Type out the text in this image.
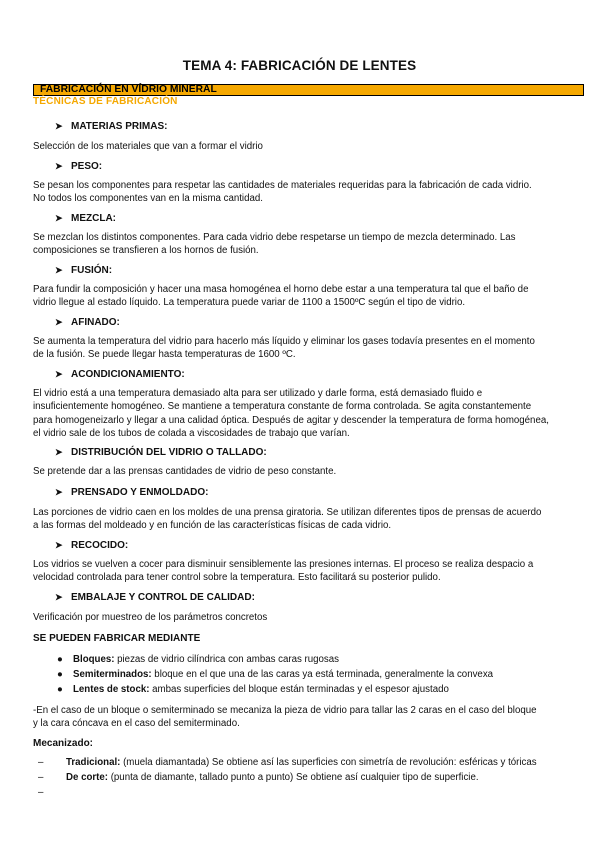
TEMA 4: FABRICACIÓN DE LENTES
FABRICACIÓN EN VÍDRIO MINERAL
TÉCNICAS DE FABRICACIÓN
➤ MATERIAS PRIMAS:
Selección de los materiales que van a formar el vidrio
➤ PESO:
Se pesan los componentes para respetar las cantidades de materiales requeridas para la fabricación de cada vidrio.
No todos los componentes van en la misma cantidad.
➤ MEZCLA:
Se mezclan los distintos componentes. Para cada vidrio debe respetarse un tiempo de mezcla determinado. Las
composiciones se transfieren a los hornos de fusión.
➤ FUSIÓN:
Para fundir la composición y hacer una masa homogénea el horno debe estar a una temperatura tal que el baño de
vidrio llegue al estado líquido. La temperatura puede variar de 1100 a 1500ºC según el tipo de vidrio.
➤ AFINADO:
Se aumenta la temperatura del vidrio para hacerlo más líquido y eliminar los gases todavía presentes en el momento
de la fusión. Se puede llegar hasta temperaturas de 1600 ºC.
➤ ACONDICIONAMIENTO:
El vidrio está a una temperatura demasiado alta para ser utilizado y darle forma, está demasiado fluido e
insuficientemente homogéneo. Se mantiene a temperatura constante de forma controlada. Se agita constantemente
para homogeneizarlo y llegar a una calidad óptica. Después de agitar y descender la temperatura de forma homogénea,
el vidrio sale de los tubos de colada a viscosidades de trabajo que varían.
➤ DISTRIBUCIÓN DEL VIDRIO O TALLADO:
Se pretende dar a las prensas cantidades de vidrio de peso constante.
➤ PRENSADO Y ENMOLDADO:
Las porciones de vidrio caen en los moldes de una prensa giratoria. Se utilizan diferentes tipos de prensas de acuerdo
a las formas del moldeado y en función de las características físicas de cada vidrio.
➤ RECOCIDO:
Los vidrios se vuelven a cocer para disminuir sensiblemente las presiones internas. El proceso se realiza despacio a
velocidad controlada para tener control sobre la temperatura. Esto facilitará su posterior pulido.
➤ EMBALAJE Y CONTROL DE CALIDAD:
Verificación por muestreo de los parámetros concretos
SE PUEDEN FABRICAR MEDIANTE
● Bloques: piezas de vidrio cilíndrica con ambas caras rugosas
● Semiterminados: bloque en el que una de las caras ya está terminada, generalmente la convexa
● Lentes de stock: ambas superficies del bloque están terminadas y el espesor ajustado
-En el caso de un bloque o semiterminado se mecaniza la pieza de vidrio para tallar las 2 caras en el caso del bloque
y la cara cóncava en el caso del semiterminado.
Mecanizado:
– Tradicional: (muela diamantada) Se obtiene así las superficies con simetría de revolución: esféricas y tóricas
– De corte: (punta de diamante, tallado punto a punto) Se obtiene así cualquier tipo de superficie.
–
